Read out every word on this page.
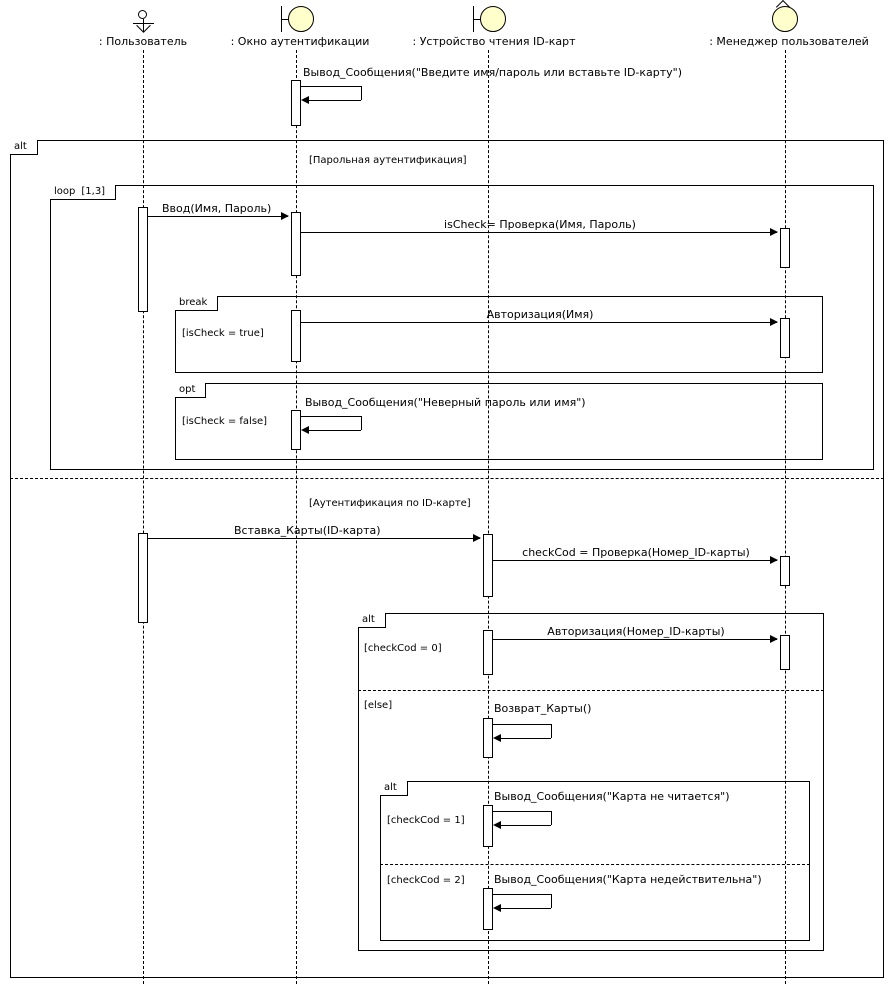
: Пользователь	: Окно аутентификации	: Устройство чтения ID-карт	: Менеджер пользователей
Вывод_Сообщения("Введите имя/пароль или вставьте ID-карту")
alt
[Парольная аутентификация]
[Аутентификация по ID-карте]
loop [1,3]
Ввод(Имя, Пароль)
isCheck= Проверка(Имя, Пароль)
break
[isCheck = true]
Авторизация(Имя)
opt
[isCheck = false]
Вывод_Сообщения("Неверный пароль или имя")
Вставка_Карты(ID-карта)
checkCod = Проверка(Номер_ID-карты)
alt
[checkCod = 0]
Авторизация(Номер_ID-карты)
[else]	Возврат_Карты()
alt
[checkCod = 1]
Вывод_Сообщения("Карта не читается")
[checkCod = 2]	Вывод_Сообщения("Карта недействительна")
